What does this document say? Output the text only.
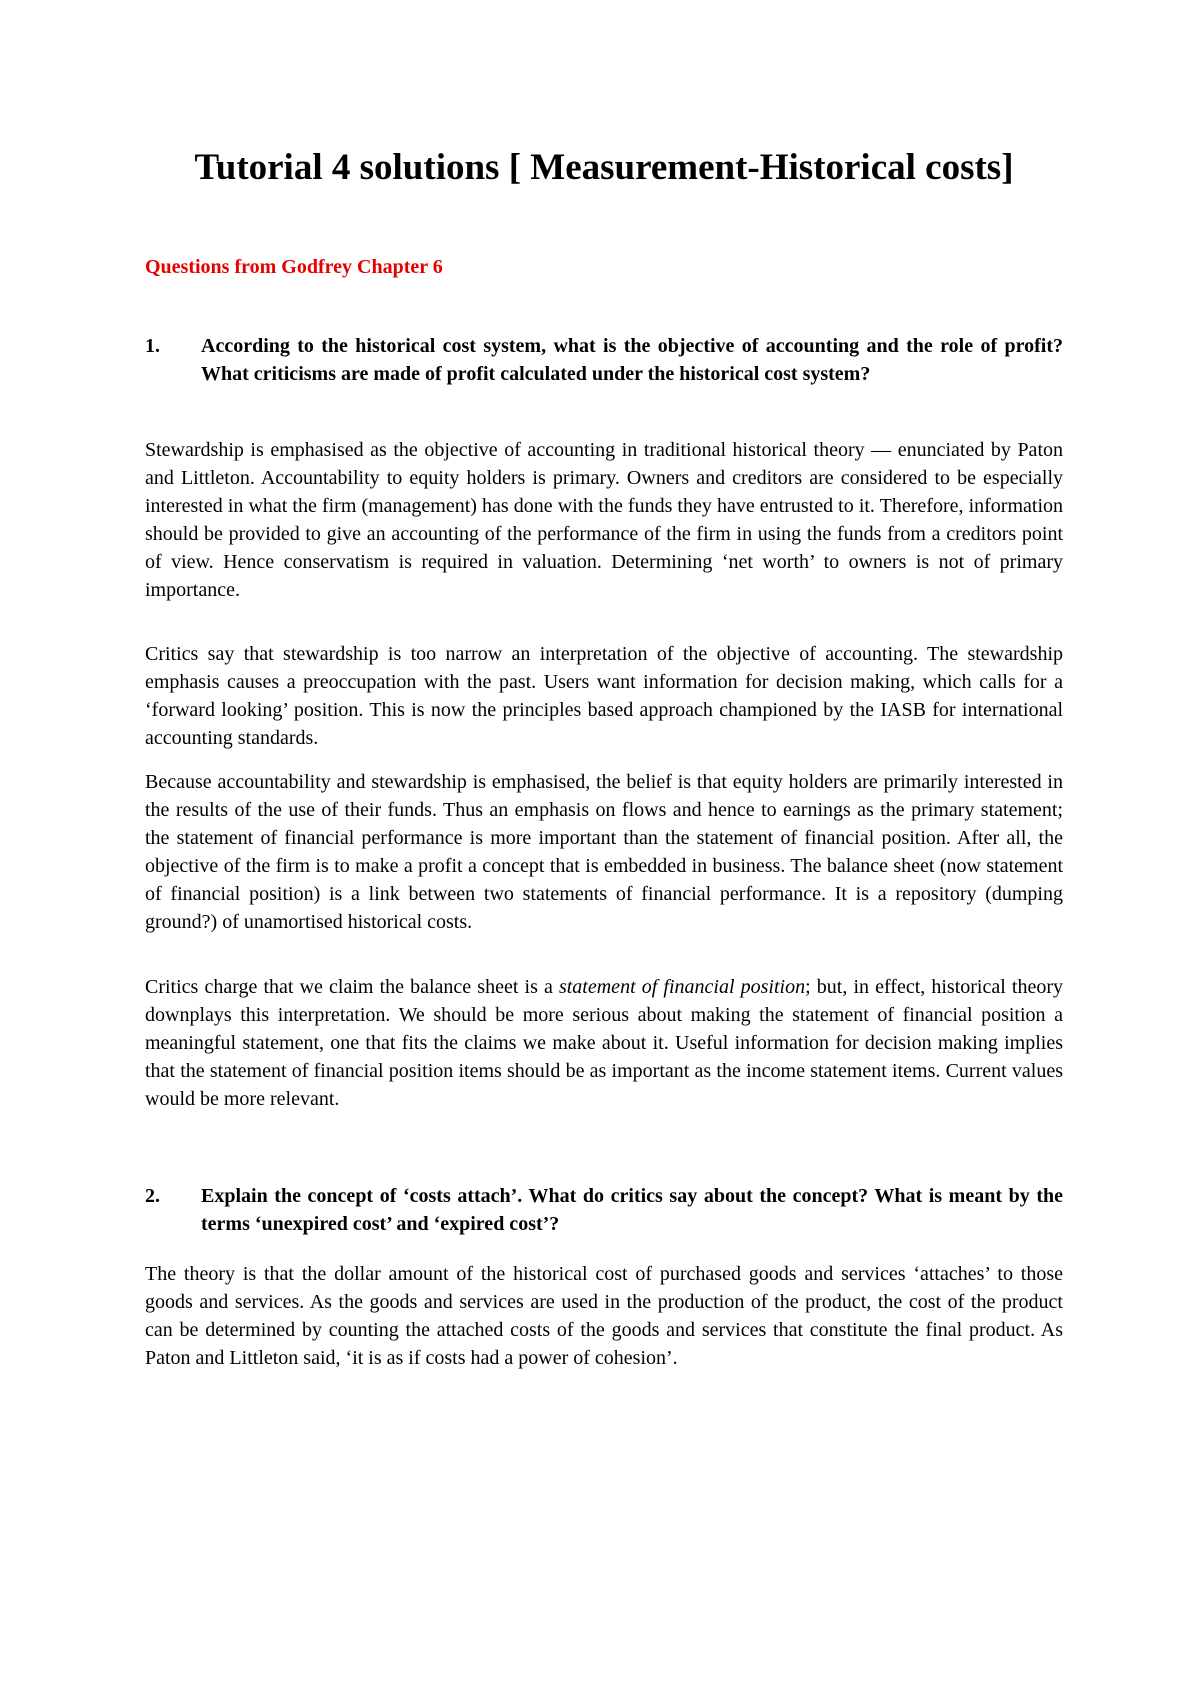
Tutorial 4 solutions [ Measurement-Historical costs]

Questions from Godfrey Chapter 6

1. According to the historical cost system, what is the objective of accounting and the role of profit? What criticisms are made of profit calculated under the historical cost system?

Stewardship is emphasised as the objective of accounting in traditional historical theory — enunciated by Paton and Littleton. Accountability to equity holders is primary. Owners and creditors are considered to be especially interested in what the firm (management) has done with the funds they have entrusted to it. Therefore, information should be provided to give an accounting of the performance of the firm in using the funds from a creditors point of view. Hence conservatism is required in valuation. Determining ‘net worth’ to owners is not of primary importance.

Critics say that stewardship is too narrow an interpretation of the objective of accounting. The stewardship emphasis causes a preoccupation with the past. Users want information for decision making, which calls for a ‘forward looking’ position. This is now the principles based approach championed by the IASB for international accounting standards.

Because accountability and stewardship is emphasised, the belief is that equity holders are primarily interested in the results of the use of their funds. Thus an emphasis on flows and hence to earnings as the primary statement; the statement of financial performance is more important than the statement of financial position. After all, the objective of the firm is to make a profit a concept that is embedded in business. The balance sheet (now statement of financial position) is a link between two statements of financial performance. It is a repository (dumping ground?) of unamortised historical costs.

Critics charge that we claim the balance sheet is a statement of financial position; but, in effect, historical theory downplays this interpretation. We should be more serious about making the statement of financial position a meaningful statement, one that fits the claims we make about it. Useful information for decision making implies that the statement of financial position items should be as important as the income statement items. Current values would be more relevant.

2. Explain the concept of ‘costs attach’. What do critics say about the concept? What is meant by the terms ‘unexpired cost’ and ‘expired cost’?

The theory is that the dollar amount of the historical cost of purchased goods and services ‘attaches’ to those goods and services. As the goods and services are used in the production of the product, the cost of the product can be determined by counting the attached costs of the goods and services that constitute the final product. As Paton and Littleton said, ‘it is as if costs had a power of cohesion’.
